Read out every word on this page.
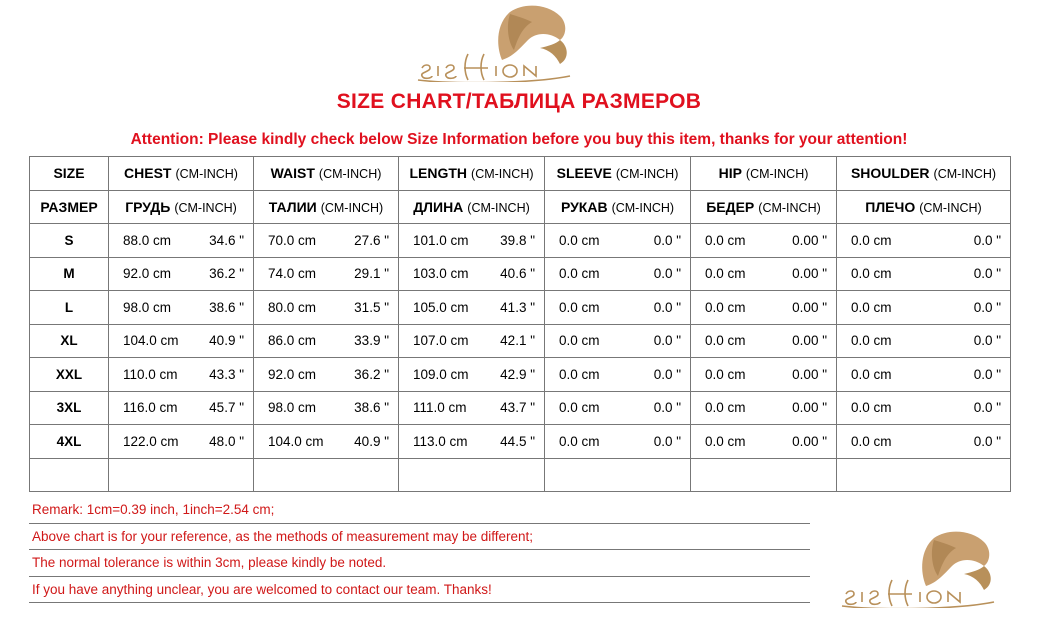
SIZE CHART/ТАБЛИЦА РАЗМЕРОВ
Attention: Please kindly check below Size Information before you buy this item, thanks for your attention!
SIZE	CHEST (CM-INCH)	WAIST (CM-INCH)	LENGTH (CM-INCH)	SLEEVE (CM-INCH)	HIP (CM-INCH)	SHOULDER (CM-INCH)

РАЗМЕР	ГРУДЬ (CM-INCH)	ТАЛИИ (CM-INCH)	ДЛИНА (CM-INCH)	РУКАВ (CM-INCH)	БЕДЕР (CM-INCH)	ПЛЕЧО (CM-INCH)

S	88.0 cm 34.6 "	70.0 cm 27.6 "	101.0 cm 39.8 "	0.0 cm 0.0 "	0.0 cm 0.00 "	0.0 cm 0.0 "

M	92.0 cm 36.2 "	74.0 cm 29.1 "	103.0 cm 40.6 "	0.0 cm 0.0 "	0.0 cm 0.00 "	0.0 cm 0.0 "

L	98.0 cm 38.6 "	80.0 cm 31.5 "	105.0 cm 41.3 "	0.0 cm 0.0 "	0.0 cm 0.00 "	0.0 cm 0.0 "

XL	104.0 cm 40.9 "	86.0 cm 33.9 "	107.0 cm 42.1 "	0.0 cm 0.0 "	0.0 cm 0.00 "	0.0 cm 0.0 "

XXL	110.0 cm 43.3 "	92.0 cm 36.2 "	109.0 cm 42.9 "	0.0 cm 0.0 "	0.0 cm 0.00 "	0.0 cm 0.0 "

3XL	116.0 cm 45.7 "	98.0 cm 38.6 "	111.0 cm 43.7 "	0.0 cm 0.0 "	0.0 cm 0.00 "	0.0 cm 0.0 "

4XL	122.0 cm 48.0 "	104.0 cm 40.9 "	113.0 cm 44.5 "	0.0 cm 0.0 "	0.0 cm 0.00 "	0.0 cm 0.0 "

Remark: 1cm=0.39 inch, 1inch=2.54 cm;
Above chart is for your reference, as the methods of measurement may be different;
The normal tolerance is within 3cm, please kindly be noted.
If you have anything unclear, you are welcomed to contact our team. Thanks!
